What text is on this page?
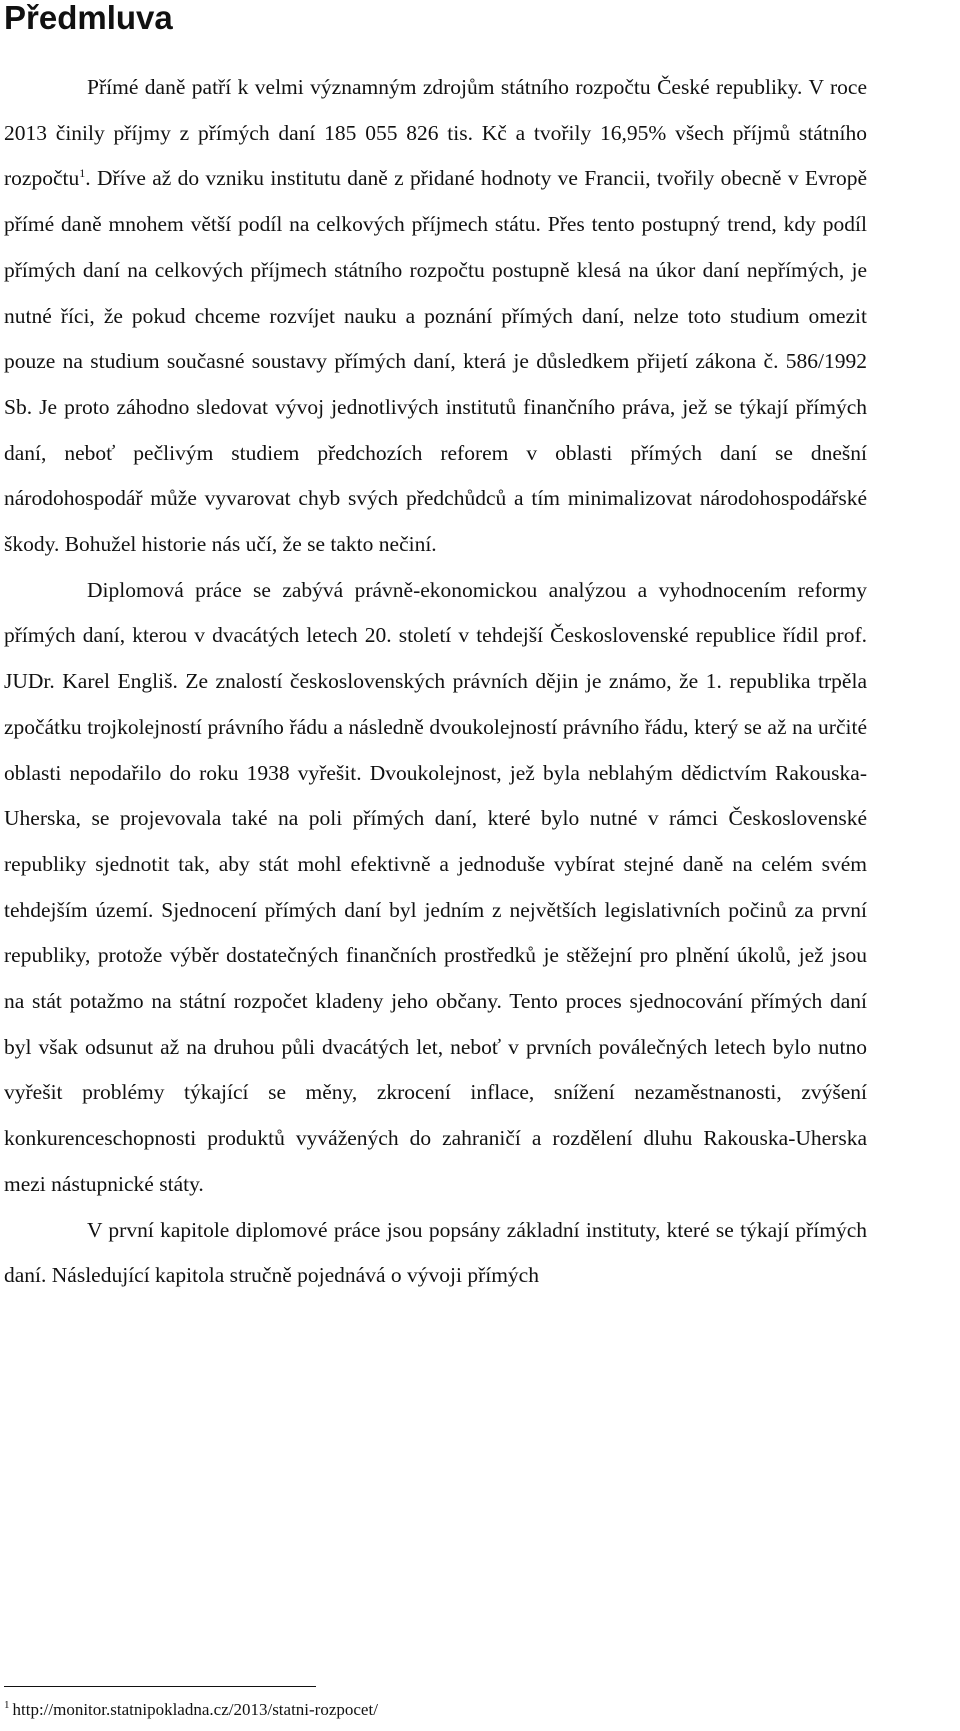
Předmluva

Přímé daně patří k velmi významným zdrojům státního rozpočtu České republiky. V roce 2013 činily příjmy z přímých daní 185 055 826 tis. Kč a tvořily 16,95% všech příjmů státního rozpočtu$^1$. Dříve až do vzniku institutu daně z přidané hodnoty ve Francii, tvořily obecně v Evropě přímé daně mnohem větší podíl na celkových příjmech státu. Přes tento postupný trend, kdy podíl přímých daní na celkových příjmech státního rozpočtu postupně klesá na úkor daní nepřímých, je nutné říci, že pokud chceme rozvíjet nauku a poznání přímých daní, nelze toto studium omezit pouze na studium současné soustavy přímých daní, která je důsledkem přijetí zákona č. 586/1992 Sb. Je proto záhodno sledovat vývoj jednotlivých institutů finančního práva, jež se týkají přímých daní, neboť pečlivým studiem předchozích reforem v oblasti přímých daní se dnešní národohospodář může vyvarovat chyb svých předchůdců a tím minimalizovat národohospodářské škody. Bohužel historie nás učí, že se takto nečiní.

Diplomová práce se zabývá právně-ekonomickou analýzou a vyhodnocením reformy přímých daní, kterou v dvacátých letech 20. století v tehdejší Československé republice řídil prof. JUDr. Karel Engliš. Ze znalostí československých právních dějin je známo, že 1. republika trpěla zpočátku trojkolejností právního řádu a následně dvoukolejností právního řádu, který se až na určité oblasti nepodařilo do roku 1938 vyřešit. Dvoukolejnost, jež byla neblahým dědictvím Rakouska-Uherska, se projevovala také na poli přímých daní, které bylo nutné v rámci Československé republiky sjednotit tak, aby stát mohl efektivně a jednoduše vybírat stejné daně na celém svém tehdejším území. Sjednocení přímých daní byl jedním z největších legislativních počinů za první republiky, protože výběr dostatečných finančních prostředků je stěžejní pro plnění úkolů, jež jsou na stát potažmo na státní rozpočet kladeny jeho občany. Tento proces sjednocování přímých daní byl však odsunut až na druhou půli dvacátých let, neboť v prvních poválečných letech bylo nutno vyřešit problémy týkající se měny, zkrocení inflace, snížení nezaměstnanosti, zvýšení konkurenceschopnosti produktů vyvážených do zahraničí a rozdělení dluhu Rakouska-Uherska mezi nástupnické státy.

V první kapitole diplomové práce jsou popsány základní instituty, které se týkají přímých daní. Následující kapitola stručně pojednává o vývoji přímých

$^1$ http://monitor.statnipokladna.cz/2013/statni-rozpocet/
